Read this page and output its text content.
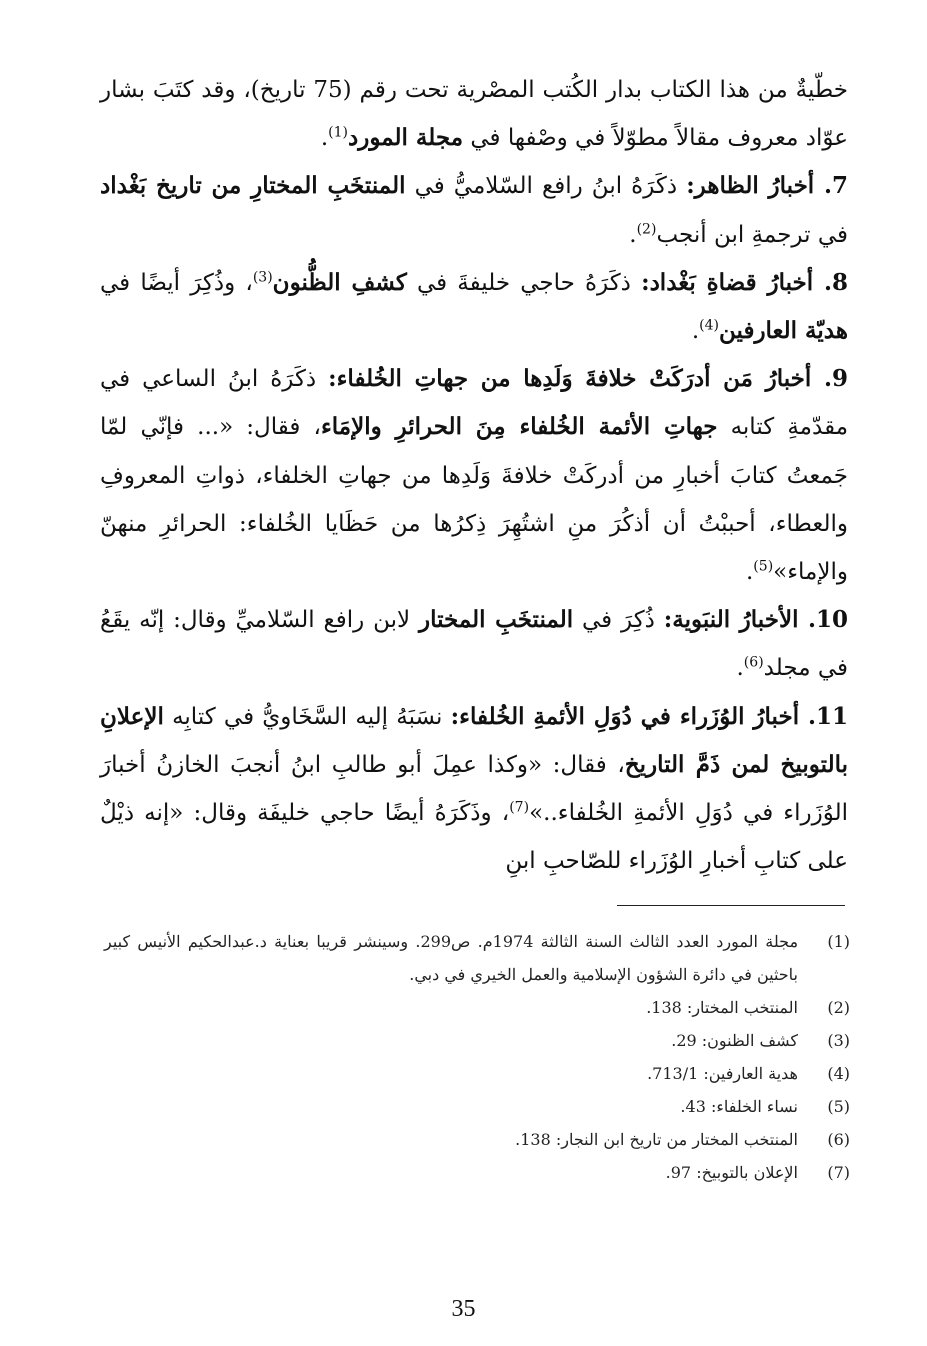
خطّيةٌ من هذا الكتاب بدار الكُتب المصْرية تحت رقم (75 تاريخ)، وقد كتَبَ بشار عوّاد معروف مقالاً مطوّلاً في وصْفها في مجلة المورد$^{(1)}$.

7. أخبارُ الظاهر: ذكَرَهُ ابنُ رافع السّلاميُّ في المنتخَبِ المختارِ من تاريخ بَغْداد في ترجمةِ ابن أنجب$^{(2)}$.

8. أخبارُ قضاةِ بَغْداد: ذكَرَهُ حاجي خليفةَ في كشفِ الظُّنون$^{(3)}$، وذُكِرَ أيضًا في هديّة العارفين$^{(4)}$.

9. أخبارُ مَن أدرَكَتْ خلافةَ وَلَدِها من جهاتِ الخُلفاء: ذكَرَهُ ابنُ الساعي في مقدّمةِ كتابه جهاتِ الأئمة الخُلفاء مِنَ الحرائرِ والإمَاء، فقال: «... فإنّي لمّا جَمعتُ كتابَ أخبارِ من أدركَتْ خلافةَ وَلَدِها من جهاتِ الخلفاء، ذواتِ المعروفِ والعطاء، أحببْتُ أن أذكُرَ منِ اشتُهِرَ ذِكرُها من حَظَايا الخُلفاء: الحرائرِ منهنّ والإماء»$^{(5)}$.

10. الأخبارُ النبَوية: ذُكِرَ في المنتخَبِ المختار لابن رافع السّلاميِّ وقال: إنّه يقَعُ في مجلد$^{(6)}$.

11. أخبارُ الوُزَراء في دُوَلِ الأئمةِ الخُلفاء: نسَبَهُ إليه السَّخَاويُّ في كتابِه الإعلانِ بالتوبيخ لمن ذَمَّ التاريخ، فقال: «وكذا عمِلَ أبو طالبِ ابنُ أنجبَ الخازنُ أخبارَ الوُزَراء في دُوَلِ الأئمةِ الخُلفاء..»$^{(7)}$، وذَكَرَهُ أيضًا حاجي خليفَة وقال: «إنه ذيْلٌ على كتابِ أخبارِ الوُزَراء للصّاحبِ ابنِ

(1)
مجلة المورد العدد الثالث السنة الثالثة 1974م. ص299. وسينشر قريبا بعناية د.عبدالحكيم الأنيس كبير باحثين في دائرة الشؤون الإسلامية والعمل الخيري في دبي.
(2)
المنتخب المختار: 138.
(3)
كشف الظنون: 29.
(4)
هدية العارفين: 713/1.
(5)
نساء الخلفاء: 43.
(6)
المنتخب المختار من تاريخ ابن النجار: 138.
(7)
الإعلان بالتوبيخ: 97.
35
